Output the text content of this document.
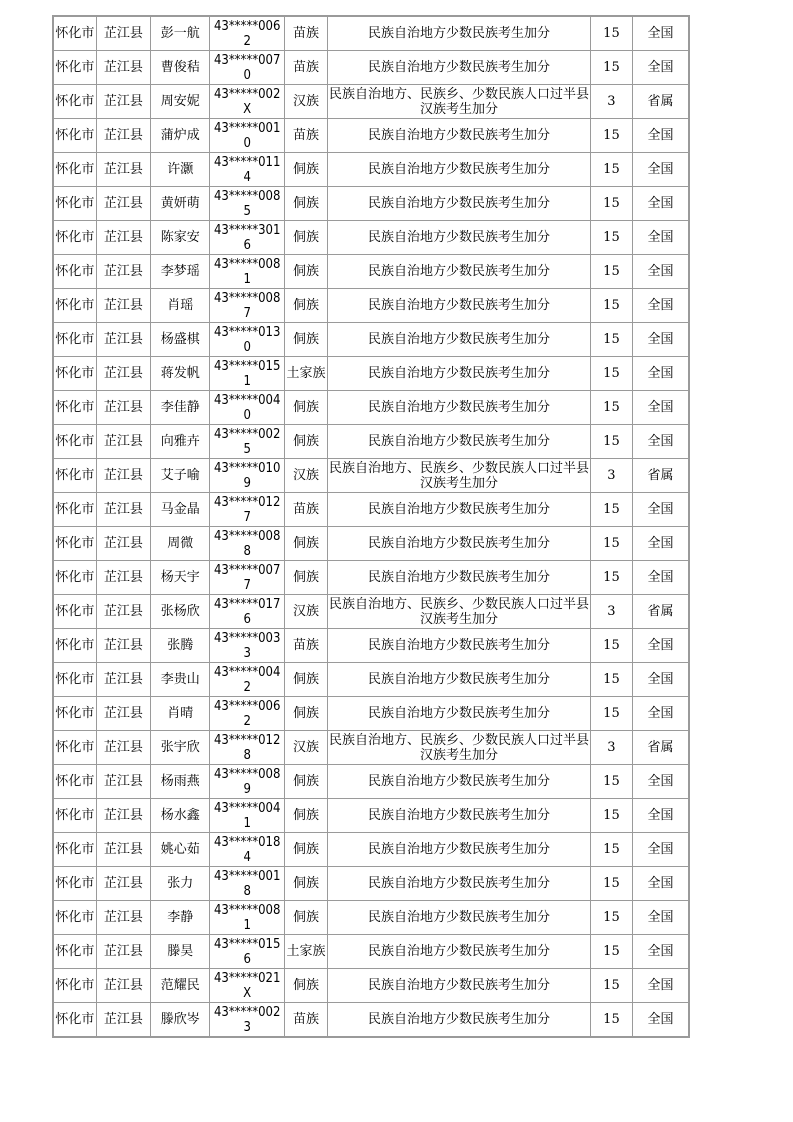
怀化市	芷江县	彭一航	43*****0062	苗族	民族自治地方少数民族考生加分	15	全国
怀化市	芷江县	曹俊秸	43*****0070	苗族	民族自治地方少数民族考生加分	15	全国
怀化市	芷江县	周安妮	43*****002X	汉族	民族自治地方、民族乡、少数民族人口过半县汉族考生加分	3	省属
怀化市	芷江县	蒲炉成	43*****0010	苗族	民族自治地方少数民族考生加分	15	全国
怀化市	芷江县	许灏	43*****0114	侗族	民族自治地方少数民族考生加分	15	全国
怀化市	芷江县	黄妍萌	43*****0085	侗族	民族自治地方少数民族考生加分	15	全国
怀化市	芷江县	陈家安	43*****3016	侗族	民族自治地方少数民族考生加分	15	全国
怀化市	芷江县	李梦瑶	43*****0081	侗族	民族自治地方少数民族考生加分	15	全国
怀化市	芷江县	肖瑶	43*****0087	侗族	民族自治地方少数民族考生加分	15	全国
怀化市	芷江县	杨盛棋	43*****0130	侗族	民族自治地方少数民族考生加分	15	全国
怀化市	芷江县	蒋发帆	43*****0151	土家族	民族自治地方少数民族考生加分	15	全国
怀化市	芷江县	李佳静	43*****0040	侗族	民族自治地方少数民族考生加分	15	全国
怀化市	芷江县	向雅卉	43*****0025	侗族	民族自治地方少数民族考生加分	15	全国
怀化市	芷江县	艾子喻	43*****0109	汉族	民族自治地方、民族乡、少数民族人口过半县汉族考生加分	3	省属
怀化市	芷江县	马金晶	43*****0127	苗族	民族自治地方少数民族考生加分	15	全国
怀化市	芷江县	周微	43*****0088	侗族	民族自治地方少数民族考生加分	15	全国
怀化市	芷江县	杨天宇	43*****0077	侗族	民族自治地方少数民族考生加分	15	全国
怀化市	芷江县	张杨欣	43*****0176	汉族	民族自治地方、民族乡、少数民族人口过半县汉族考生加分	3	省属
怀化市	芷江县	张腾	43*****0033	苗族	民族自治地方少数民族考生加分	15	全国
怀化市	芷江县	李贵山	43*****0042	侗族	民族自治地方少数民族考生加分	15	全国
怀化市	芷江县	肖晴	43*****0062	侗族	民族自治地方少数民族考生加分	15	全国
怀化市	芷江县	张宇欣	43*****0128	汉族	民族自治地方、民族乡、少数民族人口过半县汉族考生加分	3	省属
怀化市	芷江县	杨雨燕	43*****0089	侗族	民族自治地方少数民族考生加分	15	全国
怀化市	芷江县	杨水鑫	43*****0041	侗族	民族自治地方少数民族考生加分	15	全国
怀化市	芷江县	姚心茹	43*****0184	侗族	民族自治地方少数民族考生加分	15	全国
怀化市	芷江县	张力	43*****0018	侗族	民族自治地方少数民族考生加分	15	全国
怀化市	芷江县	李静	43*****0081	侗族	民族自治地方少数民族考生加分	15	全国
怀化市	芷江县	滕昊	43*****0156	土家族	民族自治地方少数民族考生加分	15	全国
怀化市	芷江县	范耀民	43*****021X	侗族	民族自治地方少数民族考生加分	15	全国
怀化市	芷江县	滕欣岑	43*****0023	苗族	民族自治地方少数民族考生加分	15	全国
